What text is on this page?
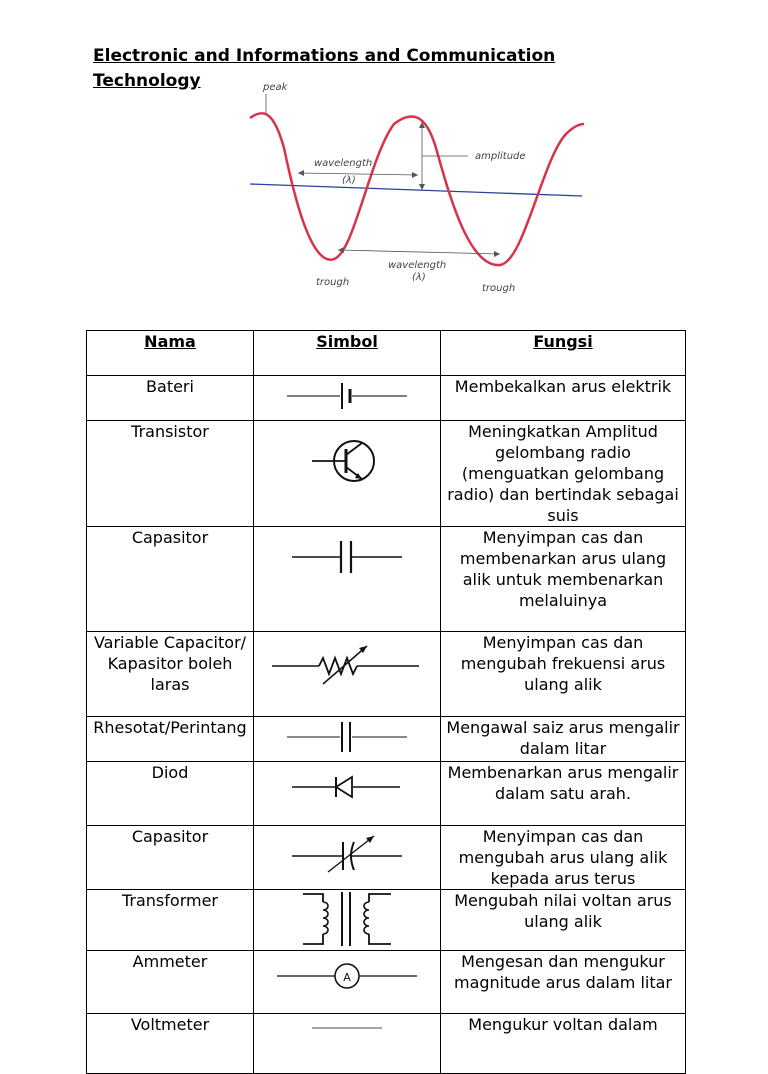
Electronic and Informations and Communication Technology	peak
wavelength
(λ)
amplitude
wavelength
(λ)
trough
trough
Nama	Simbol	Fungsi
Bateri		Membekalkan arus elektrik
Transistor		Meningkatkan Amplitud gelombang radio (menguatkan gelombang radio) dan bertindak sebagai suis
Capasitor		Menyimpan cas dan membenarkan arus ulang alik untuk membenarkan melaluinya
Variable Capacitor/ Kapasitor boleh laras		Menyimpan cas dan mengubah frekuensi arus ulang alik
Rhesotat/Perintang		Mengawal saiz arus mengalir dalam litar
Diod		Membenarkan arus mengalir dalam satu arah.
Capasitor		Menyimpan cas dan mengubah arus ulang alik kepada arus terus
Transformer		Mengubah nilai voltan arus ulang alik
Ammeter	A	Mengesan dan mengukur magnitude arus dalam litar
Voltmeter		Mengukur voltan dalam
